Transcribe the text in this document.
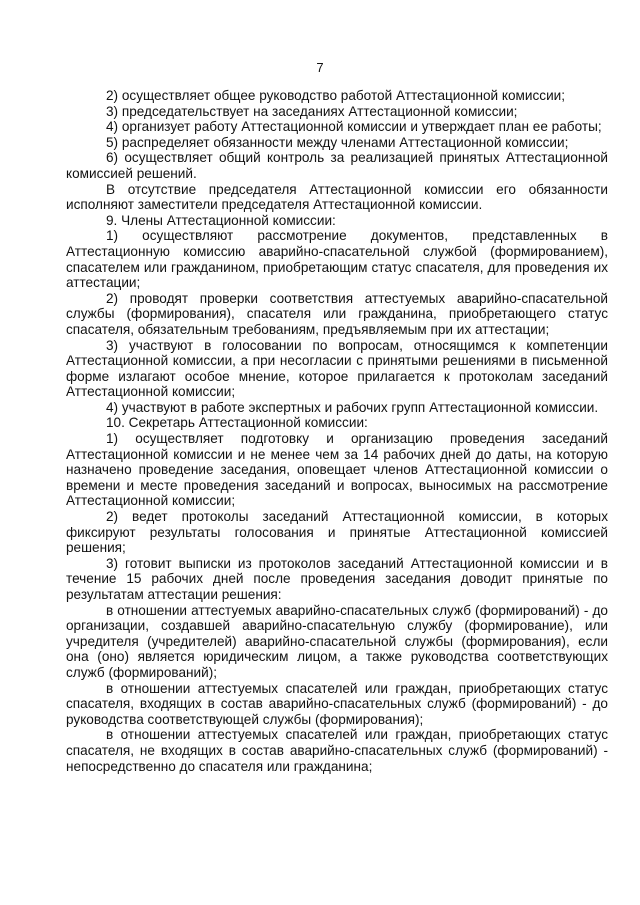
7

2) осуществляет общее руководство работой Аттестационной комиссии;

3) председательствует на заседаниях Аттестационной комиссии;

4) организует работу Аттестационной комиссии и утверждает план ее работы;

5) распределяет обязанности между членами Аттестационной комиссии;

6) осуществляет общий контроль за реализацией принятых Аттестационной комиссией решений.

В отсутствие председателя Аттестационной комиссии его обязанности исполняют заместители председателя Аттестационной комиссии.

9. Члены Аттестационной комиссии:

1) осуществляют рассмотрение документов, представленных в Аттестационную комиссию аварийно-спасательной службой (формированием), спасателем или гражданином, приобретающим статус спасателя, для проведения их аттестации;

2) проводят проверки соответствия аттестуемых аварийно-спасательной службы (формирования), спасателя или гражданина, приобретающего статус спасателя, обязательным требованиям, предъявляемым при их аттестации;

3) участвуют в голосовании по вопросам, относящимся к компетенции Аттестационной комиссии, а при несогласии с принятыми решениями в письменной форме излагают особое мнение, которое прилагается к протоколам заседаний Аттестационной комиссии;

4) участвуют в работе экспертных и рабочих групп Аттестационной комиссии.

10. Секретарь Аттестационной комиссии:

1) осуществляет подготовку и организацию проведения заседаний Аттестационной комиссии и не менее чем за 14 рабочих дней до даты, на которую назначено проведение заседания, оповещает членов Аттестационной комиссии о времени и месте проведения заседаний и вопросах, выносимых на рассмотрение Аттестационной комиссии;

2) ведет протоколы заседаний Аттестационной комиссии, в которых фиксируют результаты голосования и принятые Аттестационной комиссией решения;

3) готовит выписки из протоколов заседаний Аттестационной комиссии и в течение 15 рабочих дней после проведения заседания доводит принятые по результатам аттестации решения:

в отношении аттестуемых аварийно-спасательных служб (формирований) - до организации, создавшей аварийно-спасательную службу (формирование), или учредителя (учредителей) аварийно-спасательной службы (формирования), если она (оно) является юридическим лицом, а также руководства соответствующих служб (формирований);

в отношении аттестуемых спасателей или граждан, приобретающих статус спасателя, входящих в состав аварийно-спасательных служб (формирований) - до руководства соответствующей службы (формирования);

в отношении аттестуемых спасателей или граждан, приобретающих статус спасателя, не входящих в состав аварийно-спасательных служб (формирований) - непосредственно до спасателя или гражданина;
